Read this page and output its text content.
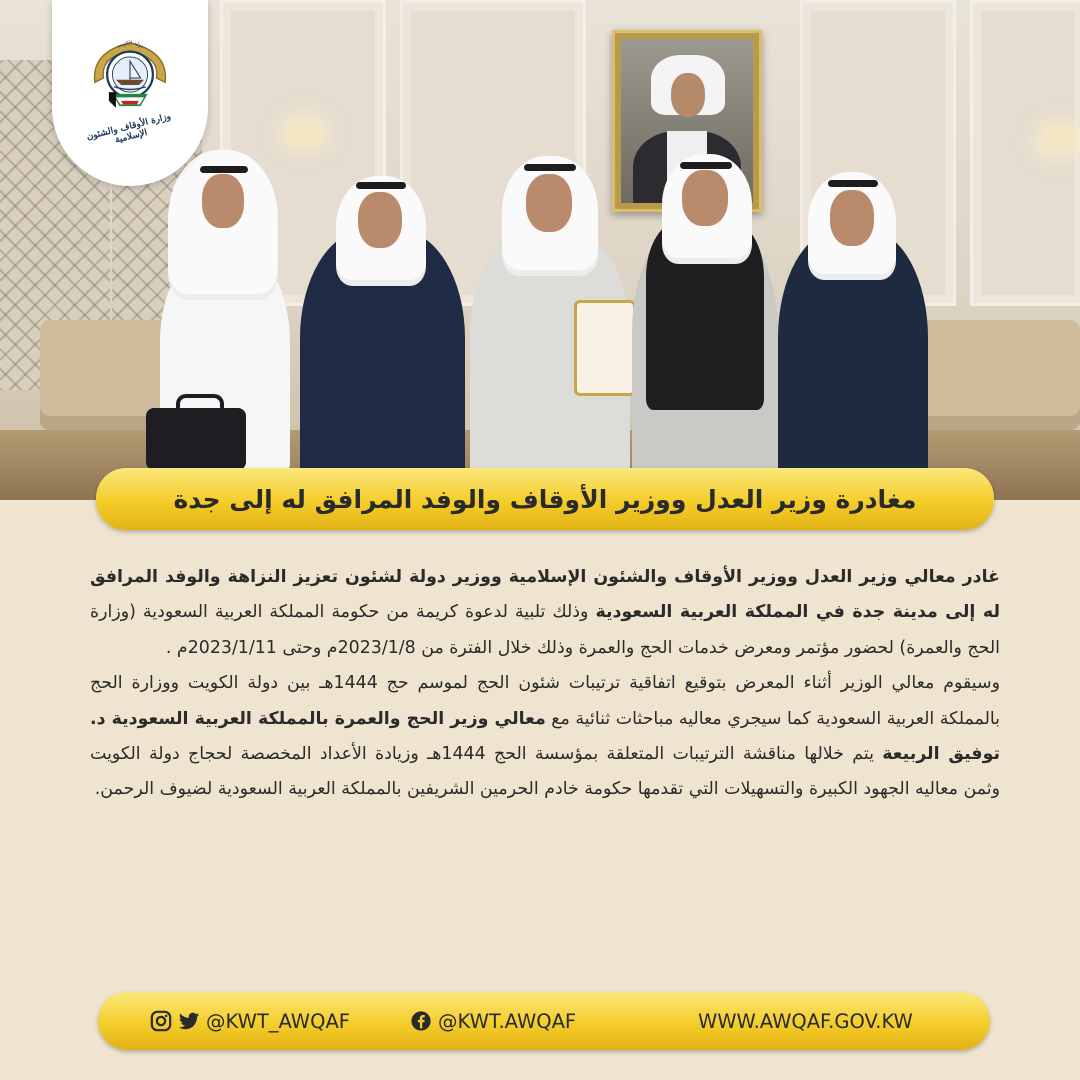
دولة الكويت
وزارة الأوقاف والشئون الإسلامية
مغادرة وزير العدل ووزير الأوقاف والوفد المرافق له إلى جدة

غادر معالي وزير العدل ووزير الأوقاف والشئون الإسلامية ووزير دولة لشئون تعزيز النزاهة والوفد المرافق له إلى مدينة جدة في المملكة العربية السعودية وذلك تلبية لدعوة كريمة من حكومة المملكة العربية السعودية (وزارة الحج والعمرة) لحضور مؤتمر ومعرض خدمات الحج والعمرة وذلك خلال الفترة من 2023/1/8م وحتى 2023/1/11م .

وسيقوم معالي الوزير أثناء المعرض بتوقيع اتفاقية ترتيبات شئون الحج لموسم حج 1444هـ بين دولة الكويت ووزارة الحج بالمملكة العربية السعودية كما سيجري معاليه مباحثات ثنائية مع معالي وزير الحج والعمرة بالمملكة العربية السعودية د. توفيق الربيعة يتم خلالها مناقشة الترتيبات المتعلقة بمؤسسة الحج 1444هـ وزيادة الأعداد المخصصة لحجاج دولة الكويت وثمن معاليه الجهود الكبيرة والتسهيلات التي تقدمها حكومة خادم الحرمين الشريفين بالمملكة العربية السعودية لضيوف الرحمن.

@KWT_AWQAF	@KWT.AWQAF	WWW.AWQAF.GOV.KW
